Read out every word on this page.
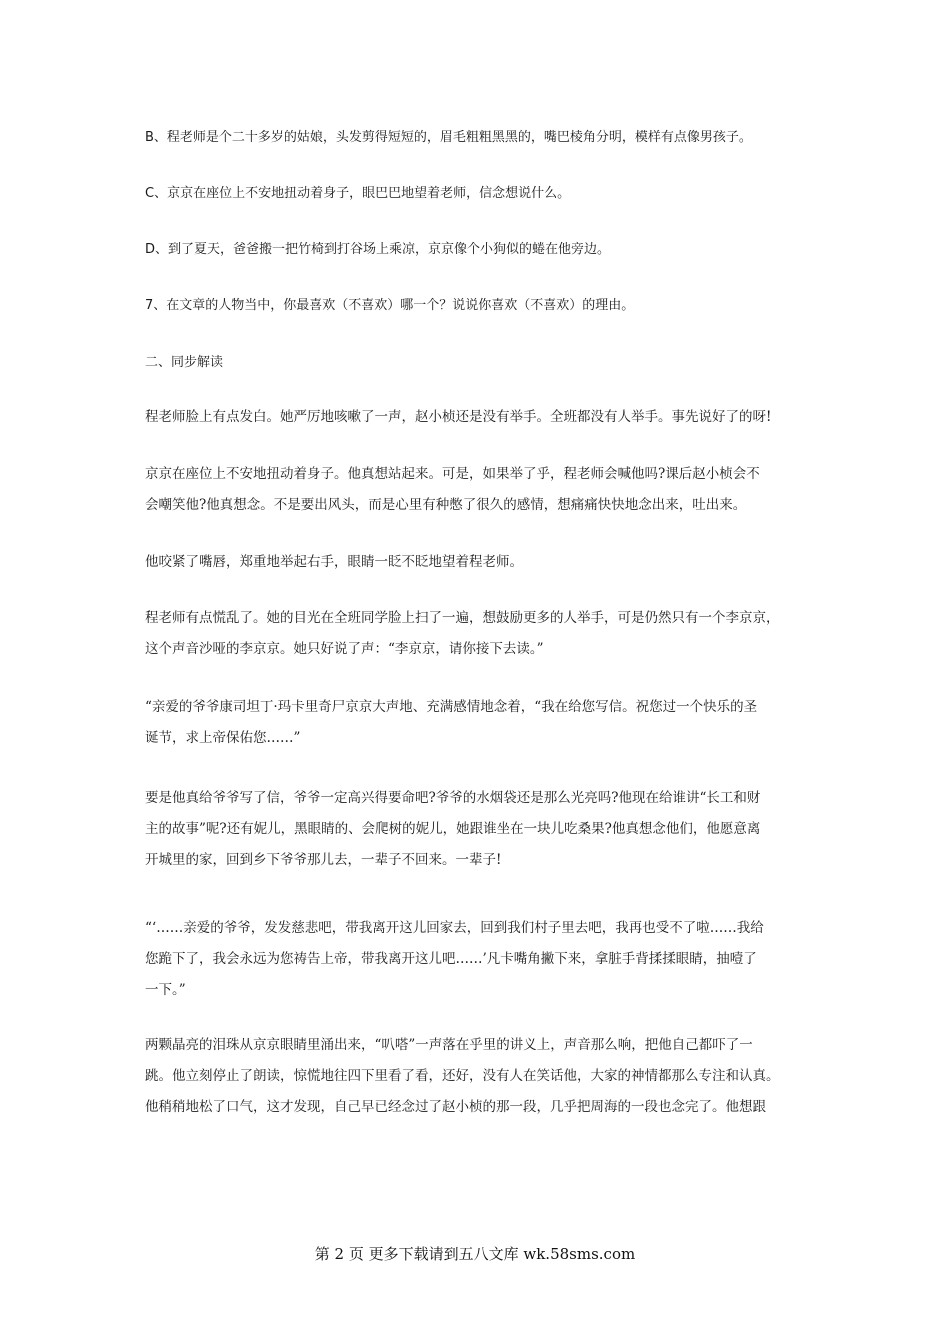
B、程老师是个二十多岁的姑娘，头发剪得短短的，眉毛粗粗黑黑的，嘴巴棱角分明，模样有点像男孩子。
C、京京在座位上不安地扭动着身子，眼巴巴地望着老师，信念想说什么。
D、到了夏天，爸爸搬一把竹椅到打谷场上乘凉，京京像个小狗似的蜷在他旁边。
7、在文章的人物当中，你最喜欢（不喜欢）哪一个？说说你喜欢（不喜欢）的理由。
二、同步解读
程老师脸上有点发白。她严厉地咳嗽了一声，赵小桢还是没有举手。全班都没有人举手。事先说好了的呀!
京京在座位上不安地扭动着身子。他真想站起来。可是，如果举了乎，程老师会喊他吗?课后赵小桢会不
会嘲笑他?他真想念。不是要出风头，而是心里有种憋了很久的感情，想痛痛快快地念出来，吐出来。
他咬紧了嘴唇，郑重地举起右手，眼睛一眨不眨地望着程老师。
程老师有点慌乱了。她的目光在全班同学脸上扫了一遍，想鼓励更多的人举手，可是仍然只有一个李京京，
这个声音沙哑的李京京。她只好说了声：“李京京，请你接下去读。”
“亲爱的爷爷康司坦丁·玛卡里奇尸京京大声地、充满感情地念着，“我在给您写信。祝您过一个快乐的圣
诞节，求上帝保佑您……”
要是他真给爷爷写了信，爷爷一定高兴得要命吧?爷爷的水烟袋还是那么光亮吗?他现在给谁讲“长工和财
主的故事”呢?还有妮儿，黑眼睛的、会爬树的妮儿，她跟谁坐在一块儿吃桑果?他真想念他们，他愿意离
开城里的家，回到乡下爷爷那儿去，一辈子不回来。一辈子!
“‘……亲爱的爷爷，发发慈悲吧，带我离开这儿回家去，回到我们村子里去吧，我再也受不了啦……我给
您跪下了，我会永远为您祷告上帝，带我离开这儿吧……’凡卡嘴角撇下来，拿脏手背揉揉眼睛，抽噎了
一下。”
两颗晶亮的泪珠从京京眼睛里涌出来，“叭嗒”一声落在乎里的讲义上，声音那么响，把他自己都吓了一
跳。他立刻停止了朗读，惊慌地往四下里看了看，还好，没有人在笑话他，大家的神情都那么专注和认真。
他稍稍地松了口气，这才发现，自己早已经念过了赵小桢的那一段，几乎把周海的一段也念完了。他想跟
第 2 页 更多下载请到五八文库 wk.58sms.com
